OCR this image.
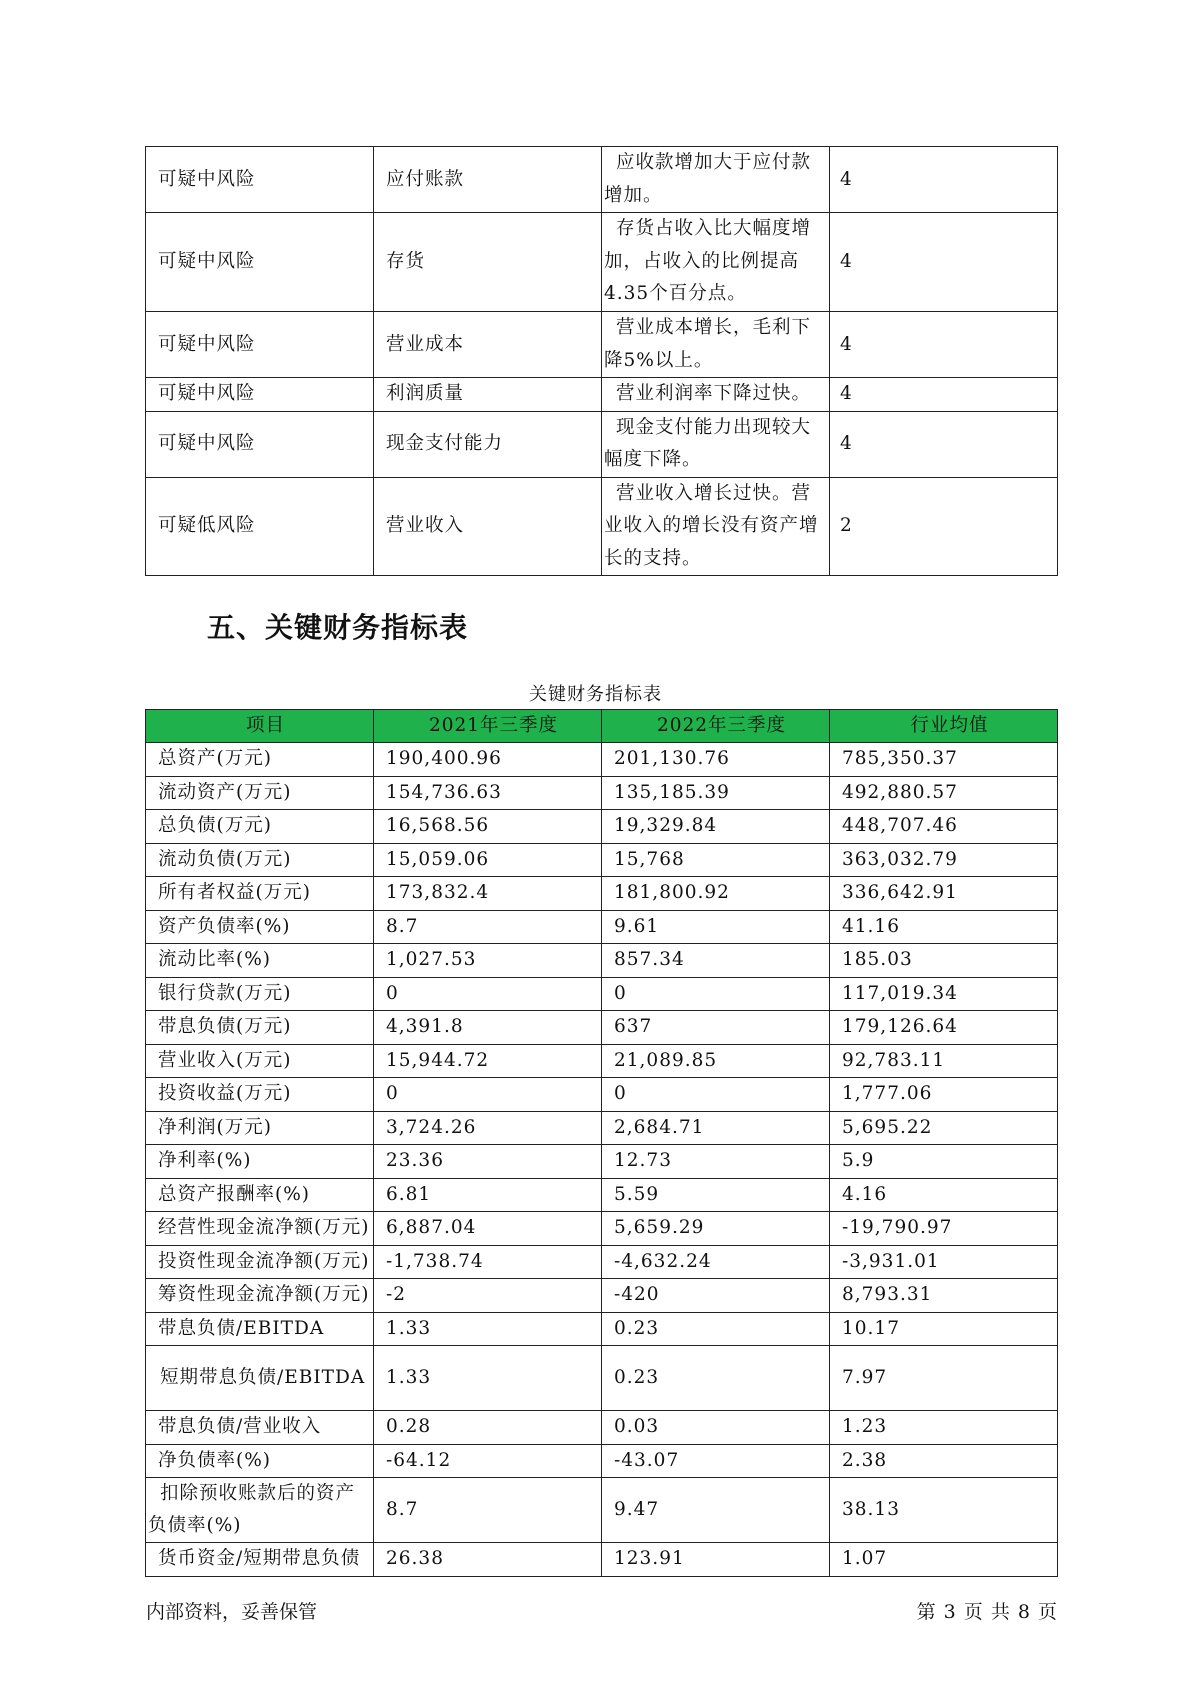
可疑中风险	应付账款	应收款增加大于应付款增加。	4
可疑中风险	存货	存货占收入比大幅度增加，占收入的比例提高4.35个百分点。	4
可疑中风险	营业成本	营业成本增长，毛利下降5%以上。	4
可疑中风险	利润质量	营业利润率下降过快。	4
可疑中风险	现金支付能力	现金支付能力出现较大幅度下降。	4
可疑低风险	营业收入	营业收入增长过快。营业收入的增长没有资产增长的支持。	2
五、关键财务指标表
关键财务指标表
项目	2021年三季度	2022年三季度	行业均值
总资产(万元)	190,400.96	201,130.76	785,350.37
流动资产(万元)	154,736.63	135,185.39	492,880.57
总负债(万元)	16,568.56	19,329.84	448,707.46
流动负债(万元)	15,059.06	15,768	363,032.79
所有者权益(万元)	173,832.4	181,800.92	336,642.91
资产负债率(%)	8.7	9.61	41.16
流动比率(%)	1,027.53	857.34	185.03
银行贷款(万元)	0	0	117,019.34
带息负债(万元)	4,391.8	637	179,126.64
营业收入(万元)	15,944.72	21,089.85	92,783.11
投资收益(万元)	0	0	1,777.06
净利润(万元)	3,724.26	2,684.71	5,695.22
净利率(%)	23.36	12.73	5.9
总资产报酬率(%)	6.81	5.59	4.16
经营性现金流净额(万元)	6,887.04	5,659.29	-19,790.97
投资性现金流净额(万元)	-1,738.74	-4,632.24	-3,931.01
筹资性现金流净额(万元)	-2	-420	8,793.31
带息负债/EBITDA	1.33	0.23	10.17
短期带息负债/EBITDA	1.33	0.23	7.97
带息负债/营业收入	0.28	0.03	1.23
净负债率(%)	-64.12	-43.07	2.38
扣除预收账款后的资产负债率(%)	8.7	9.47	38.13
货币资金/短期带息负债	26.38	123.91	1.07
内部资料，妥善保管	第 3 页 共 8 页
